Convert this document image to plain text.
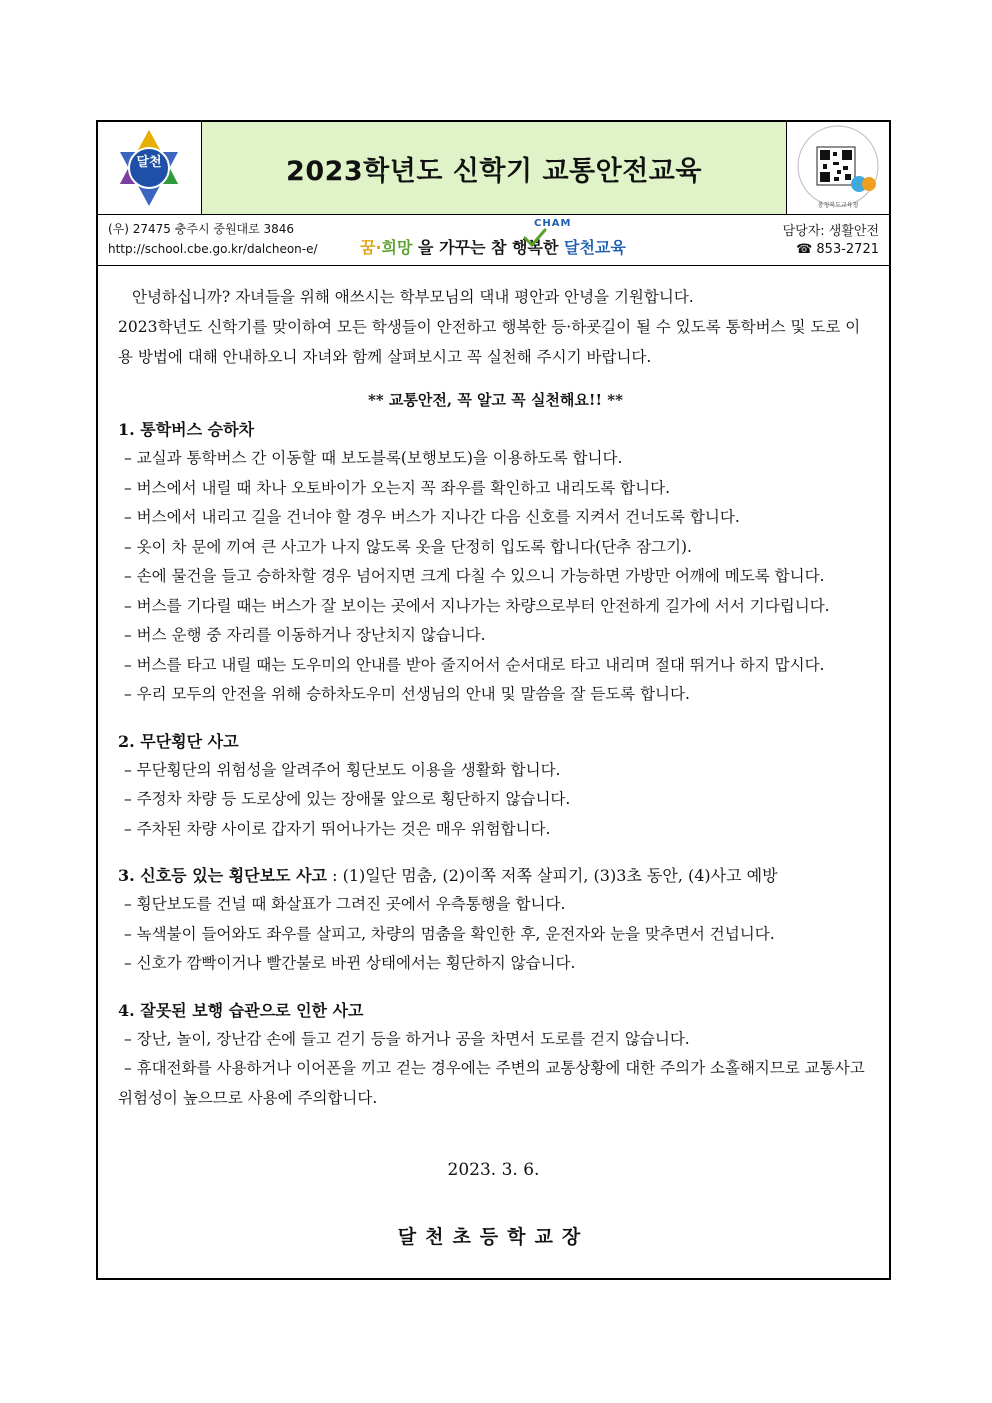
달천	2023학년도 신학기 교통안전교육
충청북도교육청
(우) 27475 충주시 중원대로 3846
http://school.cbe.go.kr/dalcheon-e/	꿈·희망 을 가꾸는 참 행복한 달천교육
CHAM
담당자: 생활안전
☎ 853-2721

안녕하십니까? 자녀들을 위해 애쓰시는 학부모님의 댁내 평안과 안녕을 기원합니다.

2023학년도 신학기를 맞이하여 모든 학생들이 안전하고 행복한 등·하굣길이 될 수 있도록 통학버스 및 도로 이용 방법에 대해 안내하오니 자녀와 함께 살펴보시고 꼭 실천해 주시기 바랍니다.

** 교통안전, 꼭 알고 꼭 실천해요!! **
1. 통학버스 승하차
– 교실과 통학버스 간 이동할 때 보도블록(보행보도)을 이용하도록 합니다.
– 버스에서 내릴 때 차나 오토바이가 오는지 꼭 좌우를 확인하고 내리도록 합니다.
– 버스에서 내리고 길을 건너야 할 경우 버스가 지나간 다음 신호를 지켜서 건너도록 합니다.
– 옷이 차 문에 끼여 큰 사고가 나지 않도록 옷을 단정히 입도록 합니다(단추 잠그기).
– 손에 물건을 들고 승하차할 경우 넘어지면 크게 다칠 수 있으니 가능하면 가방만 어깨에 메도록 합니다.
– 버스를 기다릴 때는 버스가 잘 보이는 곳에서 지나가는 차량으로부터 안전하게 길가에 서서 기다립니다.
– 버스 운행 중 자리를 이동하거나 장난치지 않습니다.
– 버스를 타고 내릴 때는 도우미의 안내를 받아 줄지어서 순서대로 타고 내리며 절대 뛰거나 하지 맙시다.
– 우리 모두의 안전을 위해 승하차도우미 선생님의 안내 및 말씀을 잘 듣도록 합니다.
2. 무단횡단 사고
– 무단횡단의 위험성을 알려주어 횡단보도 이용을 생활화 합니다.
– 주정차 차량 등 도로상에 있는 장애물 앞으로 횡단하지 않습니다.
– 주차된 차량 사이로 갑자기 뛰어나가는 것은 매우 위험합니다.
3. 신호등 있는 횡단보도 사고 : (1)일단 멈춤, (2)이쪽 저쪽 살피기, (3)3초 동안, (4)사고 예방
– 횡단보도를 건널 때 화살표가 그려진 곳에서 우측통행을 합니다.
– 녹색불이 들어와도 좌우를 살피고, 차량의 멈춤을 확인한 후, 운전자와 눈을 맞추면서 건넙니다.
– 신호가 깜빡이거나 빨간불로 바뀐 상태에서는 횡단하지 않습니다.
4. 잘못된 보행 습관으로 인한 사고
– 장난, 놀이, 장난감 손에 들고 걷기 등을 하거나 공을 차면서 도로를 걷지 않습니다.
– 휴대전화를 사용하거나 이어폰을 끼고 걷는 경우에는 주변의 교통상황에 대한 주의가 소홀해지므로 교통사고 위험성이 높으므로 사용에 주의합니다.
2023. 3. 6.
달천초등학교장
